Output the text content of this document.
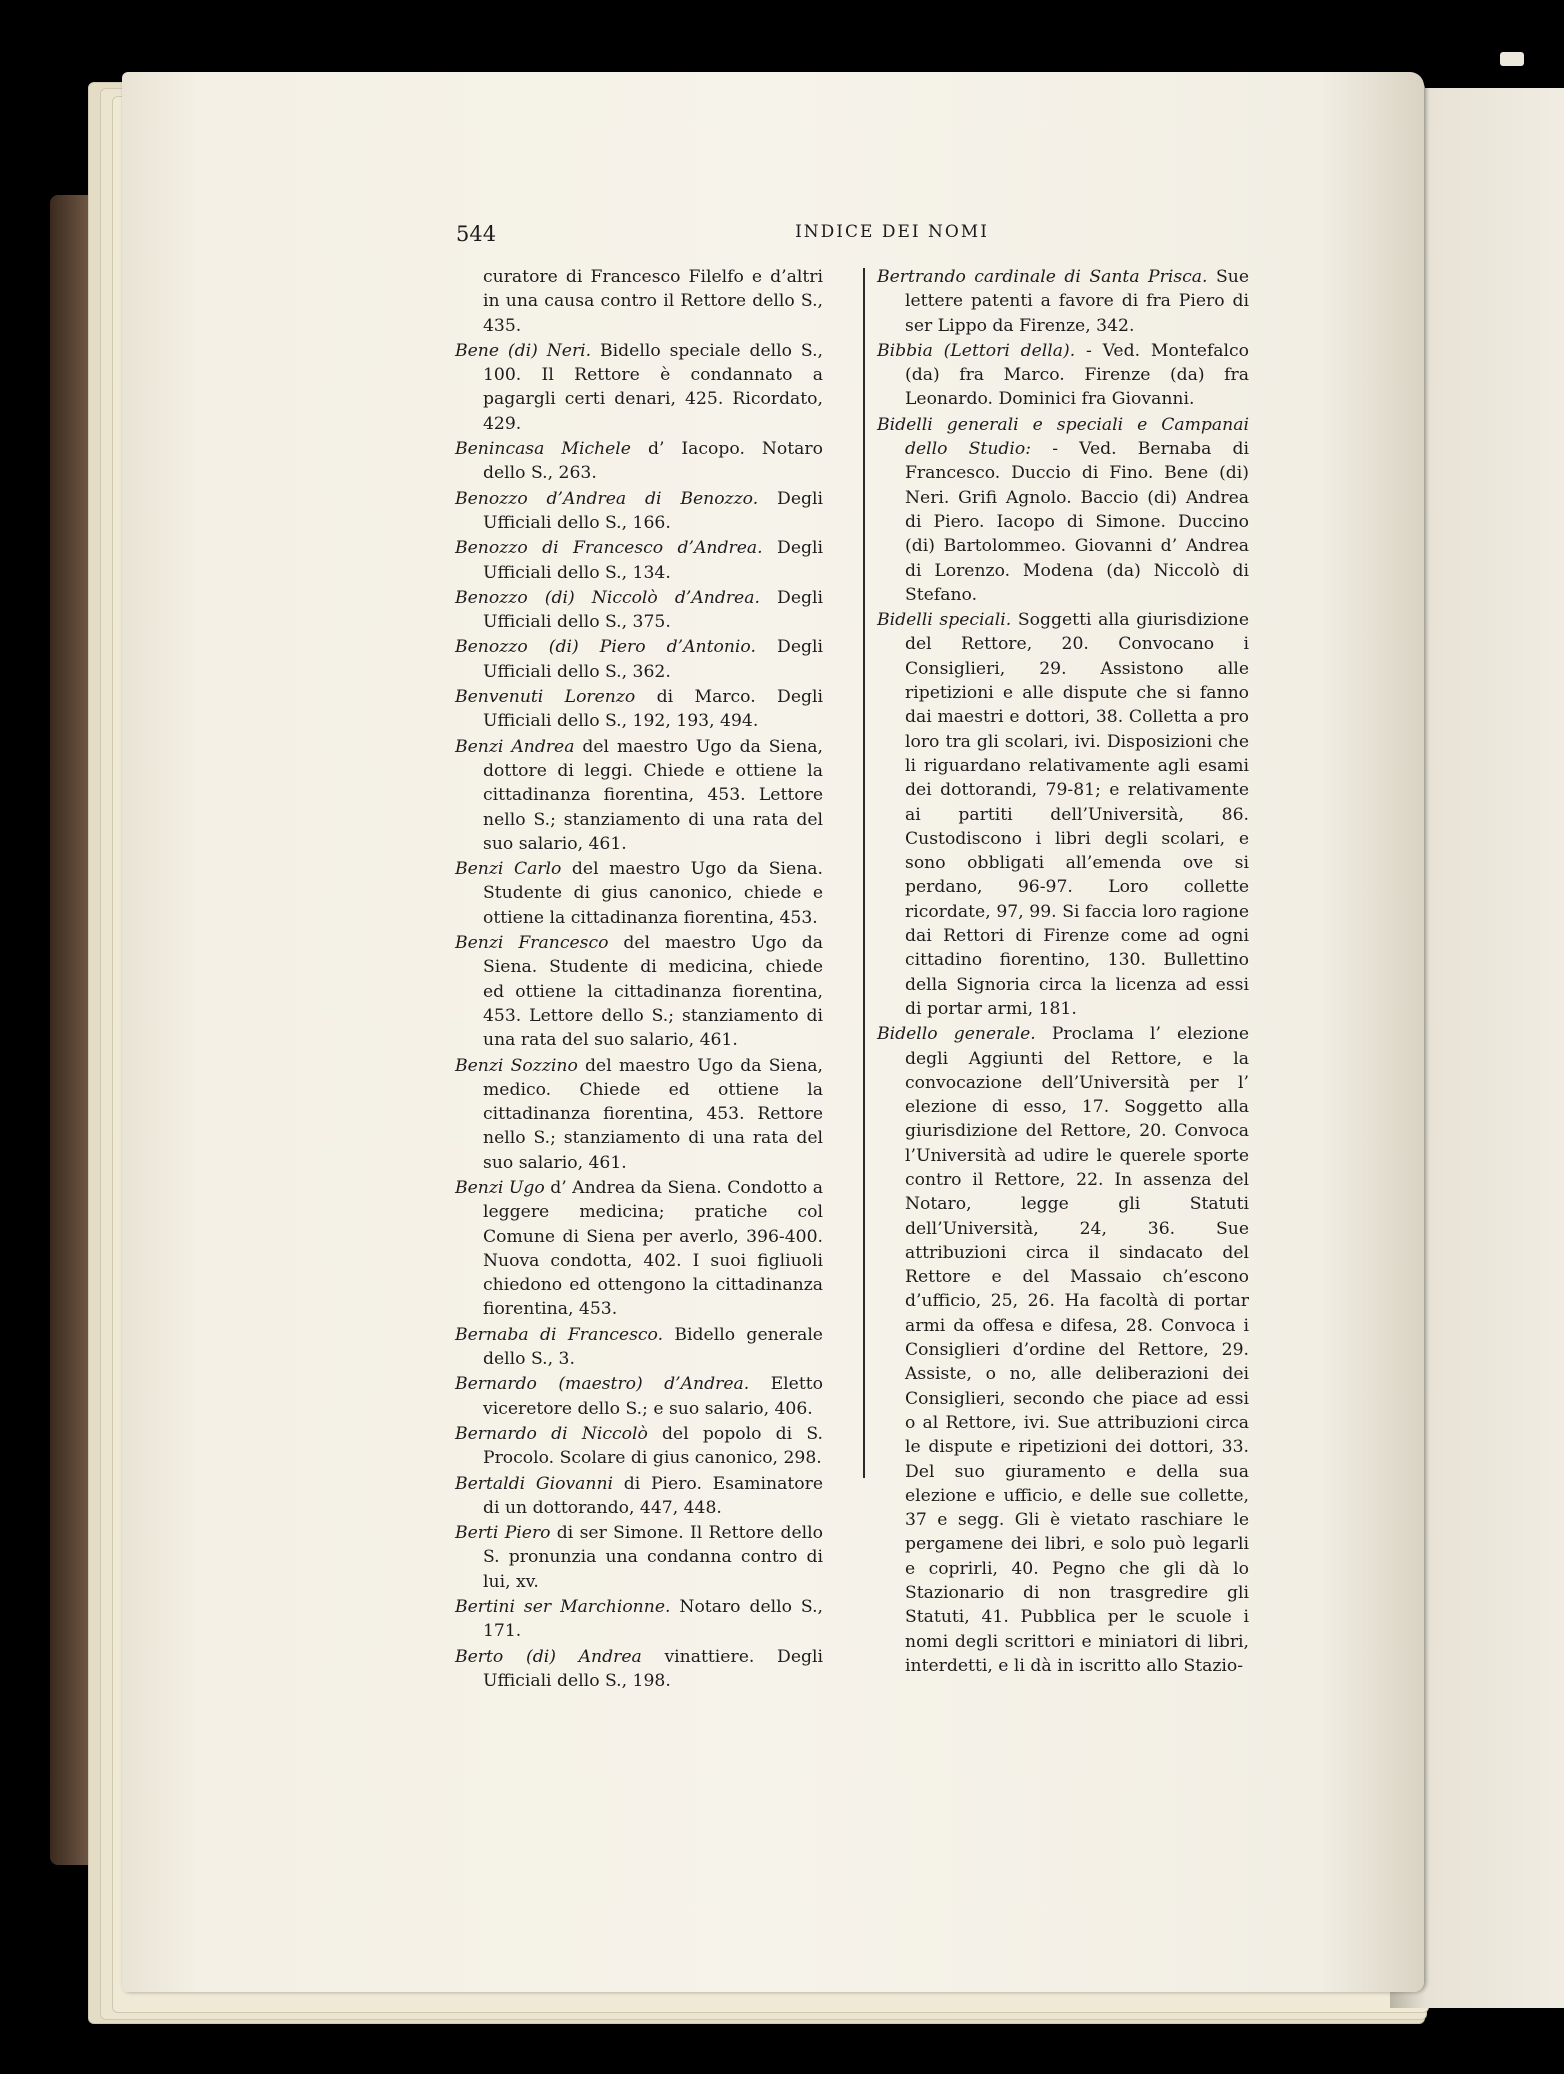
544	INDICE DEI NOMI

curatore di Francesco Filelfo e d’altri in una causa contro il Rettore dello S., 435.

Bene (di) Neri. Bidello speciale dello S., 100. Il Rettore è condannato a pagargli certi denari, 425. Ricordato, 429.

Benincasa Michele d’ Iacopo. Notaro dello S., 263.

Benozzo d’Andrea di Benozzo. Degli Ufficiali dello S., 166.

Benozzo di Francesco d’Andrea. Degli Ufficiali dello S., 134.

Benozzo (di) Niccolò d’Andrea. Degli Ufficiali dello S., 375.

Benozzo (di) Piero d’Antonio. Degli Ufficiali dello S., 362.

Benvenuti Lorenzo di Marco. Degli Ufficiali dello S., 192, 193, 494.

Benzi Andrea del maestro Ugo da Siena, dottore di leggi. Chiede e ottiene la cittadinanza fiorentina, 453. Lettore nello S.; stanziamento di una rata del suo salario, 461.

Benzi Carlo del maestro Ugo da Siena. Studente di gius canonico, chiede e ottiene la cittadinanza fiorentina, 453.

Benzi Francesco del maestro Ugo da Siena. Studente di medicina, chiede ed ottiene la cittadinanza fiorentina, 453. Lettore dello S.; stanziamento di una rata del suo salario, 461.

Benzi Sozzino del maestro Ugo da Siena, medico. Chiede ed ottiene la cittadinanza fiorentina, 453. Rettore nello S.; stanziamento di una rata del suo salario, 461.

Benzi Ugo d’ Andrea da Siena. Condotto a leggere medicina; pratiche col Comune di Siena per averlo, 396-400. Nuova condotta, 402. I suoi figliuoli chiedono ed ottengono la cittadinanza fiorentina, 453.

Bernaba di Francesco. Bidello generale dello S., 3.

Bernardo (maestro) d’Andrea. Eletto viceretore dello S.; e suo salario, 406.

Bernardo di Niccolò del popolo di S. Procolo. Scolare di gius canonico, 298.

Bertaldi Giovanni di Piero. Esaminatore di un dottorando, 447, 448.

Berti Piero di ser Simone. Il Rettore dello S. pronunzia una condanna contro di lui, xv.

Bertini ser Marchionne. Notaro dello S., 171.

Berto (di) Andrea vinattiere. Degli Ufficiali dello S., 198.

Bertrando cardinale di Santa Prisca. Sue lettere patenti a favore di fra Piero di ser Lippo da Firenze, 342.

Bibbia (Lettori della). - Ved. Montefalco (da) fra Marco. Firenze (da) fra Leonardo. Dominici fra Giovanni.

Bidelli generali e speciali e Campanai dello Studio: - Ved. Bernaba di Francesco. Duccio di Fino. Bene (di) Neri. Grifi Agnolo. Baccio (di) Andrea di Piero. Iacopo di Simone. Duccino (di) Bartolommeo. Giovanni d’ Andrea di Lorenzo. Modena (da) Niccolò di Stefano.

Bidelli speciali. Soggetti alla giurisdizione del Rettore, 20. Convocano i Consiglieri, 29. Assistono alle ripetizioni e alle dispute che si fanno dai maestri e dottori, 38. Colletta a pro loro tra gli scolari, ivi. Disposizioni che li riguardano relativamente agli esami dei dottorandi, 79-81; e relativamente ai partiti dell’Università, 86. Custodiscono i libri degli scolari, e sono obbligati all’emenda ove si perdano, 96-97. Loro collette ricordate, 97, 99. Si faccia loro ragione dai Rettori di Firenze come ad ogni cittadino fiorentino, 130. Bullettino della Signoria circa la licenza ad essi di portar armi, 181.

Bidello generale. Proclama l’ elezione degli Aggiunti del Rettore, e la convocazione dell’Università per l’ elezione di esso, 17. Soggetto alla giurisdizione del Rettore, 20. Convoca l’Università ad udire le querele sporte contro il Rettore, 22. In assenza del Notaro, legge gli Statuti dell’Università, 24, 36. Sue attribuzioni circa il sindacato del Rettore e del Massaio ch’escono d’ufficio, 25, 26. Ha facoltà di portar armi da offesa e difesa, 28. Convoca i Consiglieri d’ordine del Rettore, 29. Assiste, o no, alle deliberazioni dei Consiglieri, secondo che piace ad essi o al Rettore, ivi. Sue attribuzioni circa le dispute e ripetizioni dei dottori, 33. Del suo giuramento e della sua elezione e ufficio, e delle sue collette, 37 e segg. Gli è vietato raschiare le pergamene dei libri, e solo può legarli e coprirli, 40. Pegno che gli dà lo Stazionario di non trasgredire gli Statuti, 41. Pubblica per le scuole i nomi degli scrittori e miniatori di libri, interdetti, e li dà in iscritto allo Stazio-
